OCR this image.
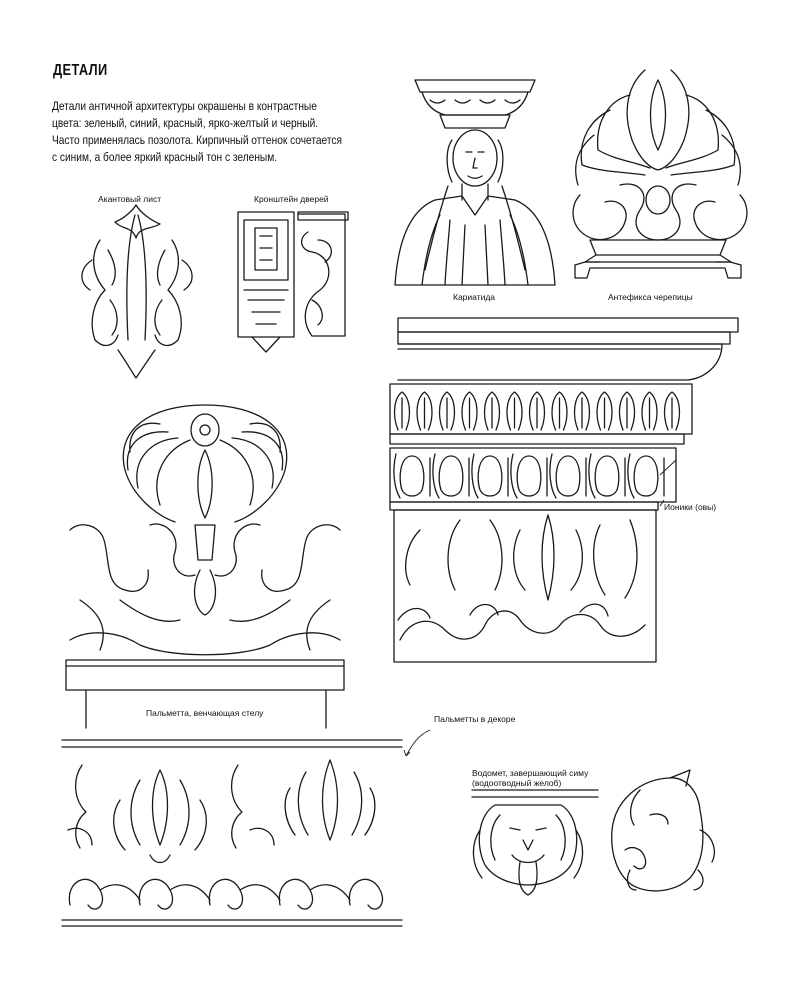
ДЕТАЛИ
Детали античной архитектуры окрашены в контрастные
цвета: зеленый, синий, красный, ярко-желтый и черный.
Часто применялась позолота. Кирпичный оттенок сочетается
с синим, а более яркий красный тон с зеленым.
Акантовый лист	Кронштейн дверей
Кариатида	Антефикса черепицы
Ионики (овы)
Пальметта, венчающая стелу
Пальметты в декоре
Водомет, завершающий симу
(водоотводный желоб)
